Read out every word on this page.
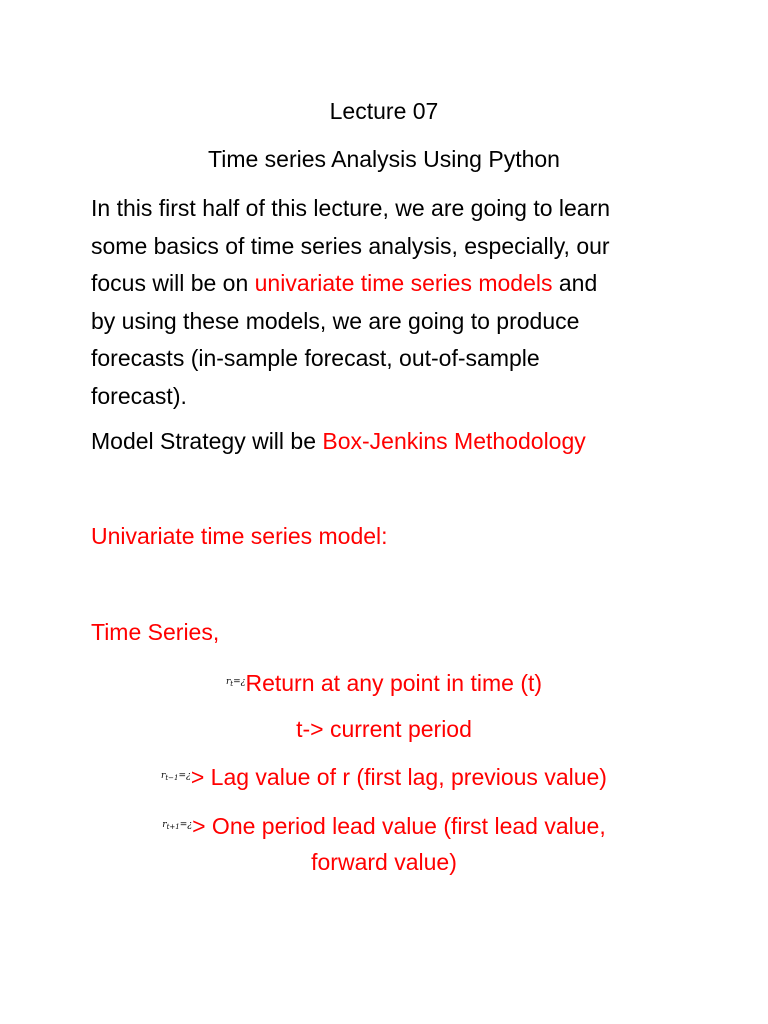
Lecture 07
Time series Analysis Using Python
In this first half of this lecture, we are going to learn
some basics of time series analysis, especially, our
focus will be on univariate time series models and
by using these models, we are going to produce
forecasts (in-sample forecast, out-of-sample
forecast).
Model Strategy will be Box-Jenkins Methodology
Univariate time series model:
Time Series,
$^{r_t=¿}$Return at any point in time (t)
t-> current period
$^{r_{t-1}=¿}$> Lag value of r (first lag, previous value)
$^{r_{t+1}=¿}$> One period lead value (first lead value,
forward value)
